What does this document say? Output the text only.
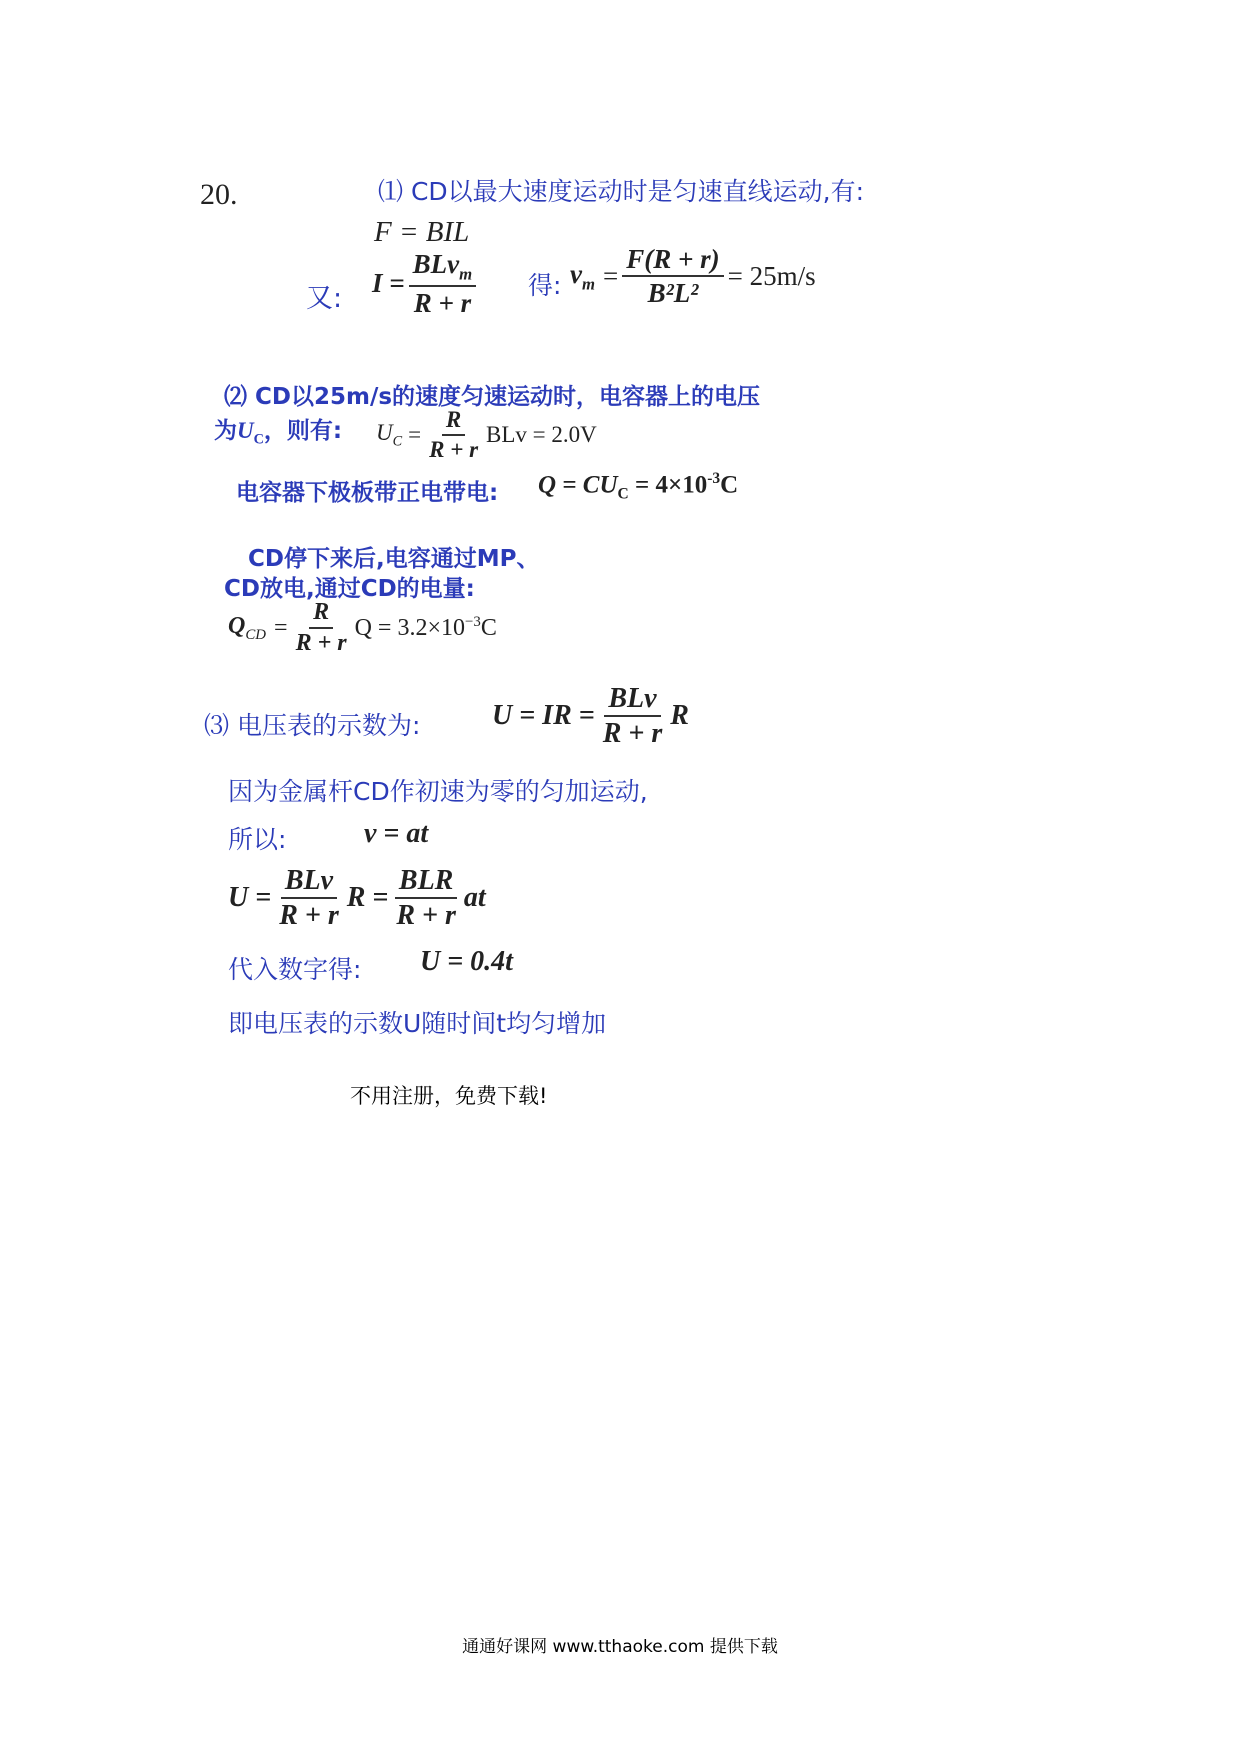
20.	⑴ CD以最大速度运动时是匀速直线运动,有:
F = BIL
又: $I = \frac{BLv_m}{R + r}$ 得: $v_m = \frac{F(R + r)}{\text{B²L²}} = 25m/s$
⑵ CD以25m/s的速度匀速运动时，电容器上的电压
为$U_C$，则有: $U_C = \frac{R}{R + r}$ BLv = 2.0V
电容器下极板带正电带电: $Q = CU_C = 4\times 10^{-3}C$
CD停下来后,电容通过MP、
CD放电,通过CD的电量:
$Q_{CD} = \frac{R}{R + r}$ $Q = 3.2\times 10^{-3}C$
⑶ 电压表的示数为:	U = IR = $\frac{\text{BLv}}{R + r}$ R
因为金属杆CD作初速为零的匀加运动,
所以:	v = at
$U = \frac{\text{BLv}}{R + r}$ $R = \frac{\text{BLR}}{R + r}$ at
代入数字得: U = 0.4t
即电压表的示数U随时间t均匀增加
不用注册，免费下载!
通通好课网 www.tthaoke.com 提供下载
